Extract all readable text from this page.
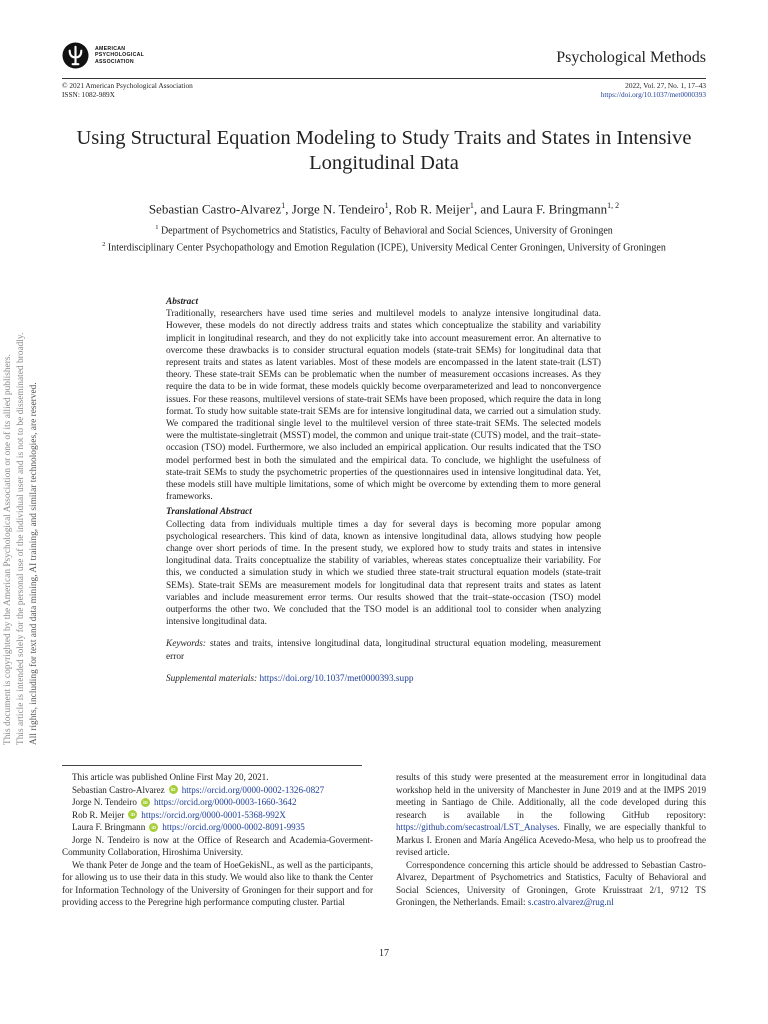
AMERICAN
PSYCHOLOGICAL
ASSOCIATION	Psychological Methods
© 2021 American Psychological Association
ISSN: 1082-989X
2022, Vol. 27, No. 1, 17–43
https://doi.org/10.1037/met0000393
Using Structural Equation Modeling to Study Traits and States in Intensive
Longitudinal Data
Sebastian Castro-Alvarez$^1$, Jorge N. Tendeiro$^1$, Rob R. Meijer$^1$, and Laura F. Bringmann$^{1, 2}$
$^1$ Department of Psychometrics and Statistics, Faculty of Behavioral and Social Sciences, University of Groningen
$^2$ Interdisciplinary Center Psychopathology and Emotion Regulation (ICPE), University Medical Center Groningen, University of Groningen
This document is copyrighted by the American Psychological Association or one of its allied publishers. This article is intended solely for the personal use of the individual user and is not to be disseminated broadly. All rights, including for text and data mining, AI training, and similar technologies, are reserved.

Abstract

Traditionally, researchers have used time series and multilevel models to analyze intensive longitudinal data. However, these models do not directly address traits and states which conceptualize the stability and variability implicit in longitudinal research, and they do not explicitly take into account measurement error. An alternative to overcome these drawbacks is to consider structural equation models (state-trait SEMs) for longitudinal data that represent traits and states as latent variables. Most of these models are encompassed in the latent state-trait (LST) theory. These state-trait SEMs can be problematic when the number of measurement occasions increases. As they require the data to be in wide format, these models quickly become overparameterized and lead to nonconvergence issues. For these reasons, multilevel versions of state-trait SEMs have been proposed, which require the data in long format. To study how suitable state-trait SEMs are for intensive longitudinal data, we carried out a simulation study. We compared the traditional single level to the multilevel version of three state-trait SEMs. The selected models were the multistate-singletrait (MSST) model, the common and unique trait-state (CUTS) model, and the trait–state-occasion (TSO) model. Furthermore, we also included an empirical application. Our results indicated that the TSO model performed best in both the simulated and the empirical data. To conclude, we highlight the usefulness of state-trait SEMs to study the psychometric properties of the questionnaires used in intensive longitudinal data. Yet, these models still have multiple limitations, some of which might be overcome by extending them to more general frameworks.

Translational Abstract

Collecting data from individuals multiple times a day for several days is becoming more popular among psychological researchers. This kind of data, known as intensive longitudinal data, allows studying how people change over short periods of time. In the present study, we explored how to study traits and states in intensive longitudinal data. Traits conceptualize the stability of variables, whereas states conceptualize their variability. For this, we conducted a simulation study in which we studied three state-trait structural equation models (state-trait SEMs). State-trait SEMs are measurement models for longitudinal data that represent traits and states as latent variables and include measurement error terms. Our results showed that the trait–state-occasion (TSO) model outperforms the other two. We concluded that the TSO model is an additional tool to consider when analyzing intensive longitudinal data.

Keywords: states and traits, intensive longitudinal data, longitudinal structural equation modeling, measurement error

Supplemental materials: https://doi.org/10.1037/met0000393.supp

This article was published Online First May 20, 2021.
Sebastian Castro-Alvarez iD https://orcid.org/0000-0002-1326-0827
Jorge N. Tendeiro iD https://orcid.org/0000-0003-1660-3642
Rob R. Meijer iD https://orcid.org/0000-0001-5368-992X
Laura F. Bringmann iD https://orcid.org/0000-0002-8091-9935

Jorge N. Tendeiro is now at the Office of Research and Academia-Goverment-Community Collaboration, Hiroshima University.

We thank Peter de Jonge and the team of HoeGekisNL, as well as the participants, for allowing us to use their data in this study. We would also like to thank the Center for Information Technology of the University of Groningen for their support and for providing access to the Peregrine high performance computing cluster. Partial

results of this study were presented at the measurement error in longitudinal data workshop held in the university of Manchester in June 2019 and at the IMPS 2019 meeting in Santiago de Chile. Additionally, all the code developed during this research is available in the following GitHub repository: https://github.com/secastroal/LST_Analyses. Finally, we are especially thankful to Markus I. Eronen and María Angélica Acevedo-Mesa, who help us to proofread the revised article.

Correspondence concerning this article should be addressed to Sebastian Castro-Alvarez, Department of Psychometrics and Statistics, Faculty of Behavioral and Social Sciences, University of Groningen, Grote Kruisstraat 2/1, 9712 TS Groningen, the Netherlands. Email: s.castro.alvarez@rug.nl

17
